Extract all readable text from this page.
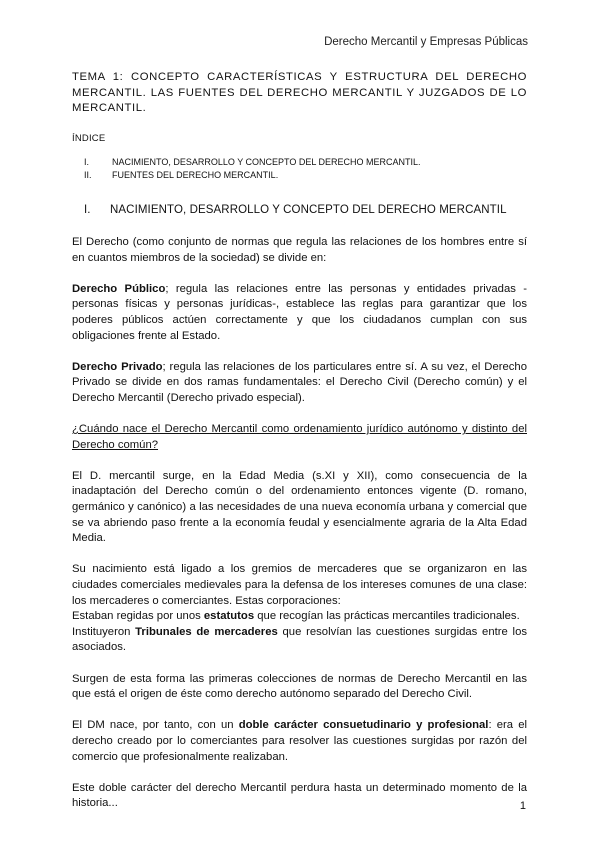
Derecho Mercantil y Empresas Públicas
TEMA 1: CONCEPTO CARACTERÍSTICAS Y ESTRUCTURA DEL DERECHO MERCANTIL. LAS FUENTES DEL DERECHO MERCANTIL Y JUZGADOS DE LO MERCANTIL.
ÍNDICE
I.	NACIMIENTO, DESARROLLO Y CONCEPTO DEL DERECHO MERCANTIL.
II. FUENTES DEL DERECHO MERCANTIL.
I.	NACIMIENTO, DESARROLLO Y CONCEPTO DEL DERECHO MERCANTIL

El Derecho (como conjunto de normas que regula las relaciones de los hombres entre sí en cuantos miembros de la sociedad) se divide en:

Derecho Público; regula las relaciones entre las personas y entidades privadas -personas físicas y personas jurídicas-, establece las reglas para garantizar que los poderes públicos actúen correctamente y que los ciudadanos cumplan con sus obligaciones frente al Estado.

Derecho Privado; regula las relaciones de los particulares entre sí. A su vez, el Derecho Privado se divide en dos ramas fundamentales: el Derecho Civil (Derecho común) y el Derecho Mercantil (Derecho privado especial).

¿Cuándo nace el Derecho Mercantil como ordenamiento jurídico autónomo y distinto del Derecho común?

El D. mercantil surge, en la Edad Media (s.XI y XII), como consecuencia de la inadaptación del Derecho común o del ordenamiento entonces vigente (D. romano, germánico y canónico) a las necesidades de una nueva economía urbana y comercial que se va abriendo paso frente a la economía feudal y esencialmente agraria de la Alta Edad Media.

Su nacimiento está ligado a los gremios de mercaderes que se organizaron en las ciudades comerciales medievales para la defensa de los intereses comunes de una clase: los mercaderes o comerciantes. Estas corporaciones:
Estaban regidas por unos estatutos que recogían las prácticas mercantiles tradicionales.
Instituyeron Tribunales de mercaderes que resolvían las cuestiones surgidas entre los asociados.

Surgen de esta forma las primeras colecciones de normas de Derecho Mercantil en las que está el origen de éste como derecho autónomo separado del Derecho Civil.

El DM nace, por tanto, con un doble carácter consuetudinario y profesional: era el derecho creado por lo comerciantes para resolver las cuestiones surgidas por razón del comercio que profesionalmente realizaban.

Este doble carácter del derecho Mercantil perdura hasta un determinado momento de la historia...	1
